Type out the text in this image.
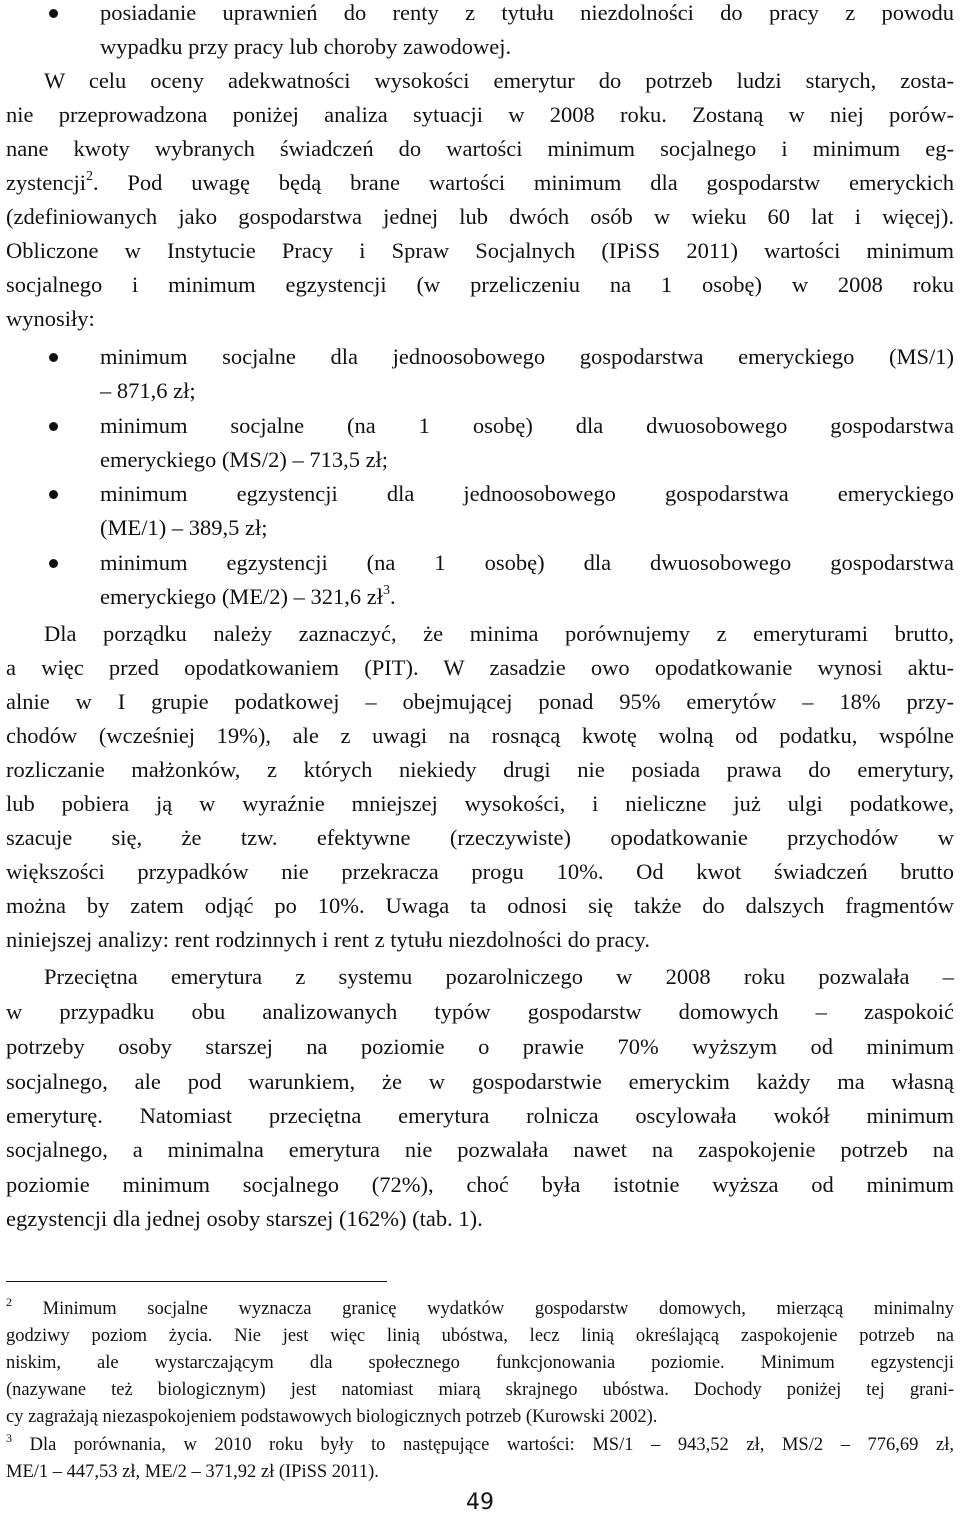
posiadanie uprawnień do renty z tytułu niezdolności do pracy z powodu
wypadku przy pracy lub choroby zawodowej.
W celu oceny adekwatności wysokości emerytur do potrzeb ludzi starych, zosta-
nie przeprowadzona poniżej analiza sytuacji w 2008 roku. Zostaną w niej porów-
nane kwoty wybranych świadczeń do wartości minimum socjalnego i minimum eg-
zystencji$^2$. Pod uwagę będą brane wartości minimum dla gospodarstw emeryckich
(zdefiniowanych jako gospodarstwa jednej lub dwóch osób w wieku 60 lat i więcej).
Obliczone w Instytucie Pracy i Spraw Socjalnych (IPiSS 2011) wartości minimum
socjalnego i minimum egzystencji (w przeliczeniu na 1 osobę) w 2008 roku
wynosiły:
minimum socjalne dla jednoosobowego gospodarstwa emeryckiego (MS/1)
– 871,6 zł;
minimum socjalne (na 1 osobę) dla dwuosobowego gospodarstwa
emeryckiego (MS/2) – 713,5 zł;
minimum egzystencji dla jednoosobowego gospodarstwa emeryckiego
(ME/1) – 389,5 zł;
minimum egzystencji (na 1 osobę) dla dwuosobowego gospodarstwa
emeryckiego (ME/2) – 321,6 $zł^3$.
Dla porządku należy zaznaczyć, że minima porównujemy z emeryturami brutto,
a więc przed opodatkowaniem (PIT). W zasadzie owo opodatkowanie wynosi aktu-
alnie w I grupie podatkowej – obejmującej ponad 95% emerytów – 18% przy-
chodów (wcześniej 19%), ale z uwagi na rosnącą kwotę wolną od podatku, wspólne
rozliczanie małżonków, z których niekiedy drugi nie posiada prawa do emerytury,
lub pobiera ją w wyraźnie mniejszej wysokości, i nieliczne już ulgi podatkowe,
szacuje się, że tzw. efektywne (rzeczywiste) opodatkowanie przychodów w
większości przypadków nie przekracza progu 10%. Od kwot świadczeń brutto
można by zatem odjąć po 10%. Uwaga ta odnosi się także do dalszych fragmentów
niniejszej analizy: rent rodzinnych i rent z tytułu niezdolności do pracy.
Przeciętna emerytura z systemu pozarolniczego w 2008 roku pozwalała –
w przypadku obu analizowanych typów gospodarstw domowych – zaspokoić
potrzeby osoby starszej na poziomie o prawie 70% wyższym od minimum
socjalnego, ale pod warunkiem, że w gospodarstwie emeryckim każdy ma własną
emeryturę. Natomiast przeciętna emerytura rolnicza oscylowała wokół minimum
socjalnego, a minimalna emerytura nie pozwalała nawet na zaspokojenie potrzeb na
poziomie minimum socjalnego (72%), choć była istotnie wyższa od minimum
egzystencji dla jednej osoby starszej (162%) (tab. 1).
$^2$ Minimum socjalne wyznacza granicę wydatków gospodarstw domowych, mierzącą minimalny
godziwy poziom życia. Nie jest więc linią ubóstwa, lecz linią określającą zaspokojenie potrzeb na
niskim, ale wystarczającym dla społecznego funkcjonowania poziomie. Minimum egzystencji
(nazywane też biologicznym) jest natomiast miarą skrajnego ubóstwa. Dochody poniżej tej grani-
cy zagrażają niezaspokojeniem podstawowych biologicznych potrzeb (Kurowski 2002).
$^3$ Dla porównania, w 2010 roku były to następujące wartości: MS/1 – 943,52 zł, MS/2 – 776,69 zł,
ME/1 – 447,53 zł, ME/2 – 371,92 zł (IPiSS 2011).
49
